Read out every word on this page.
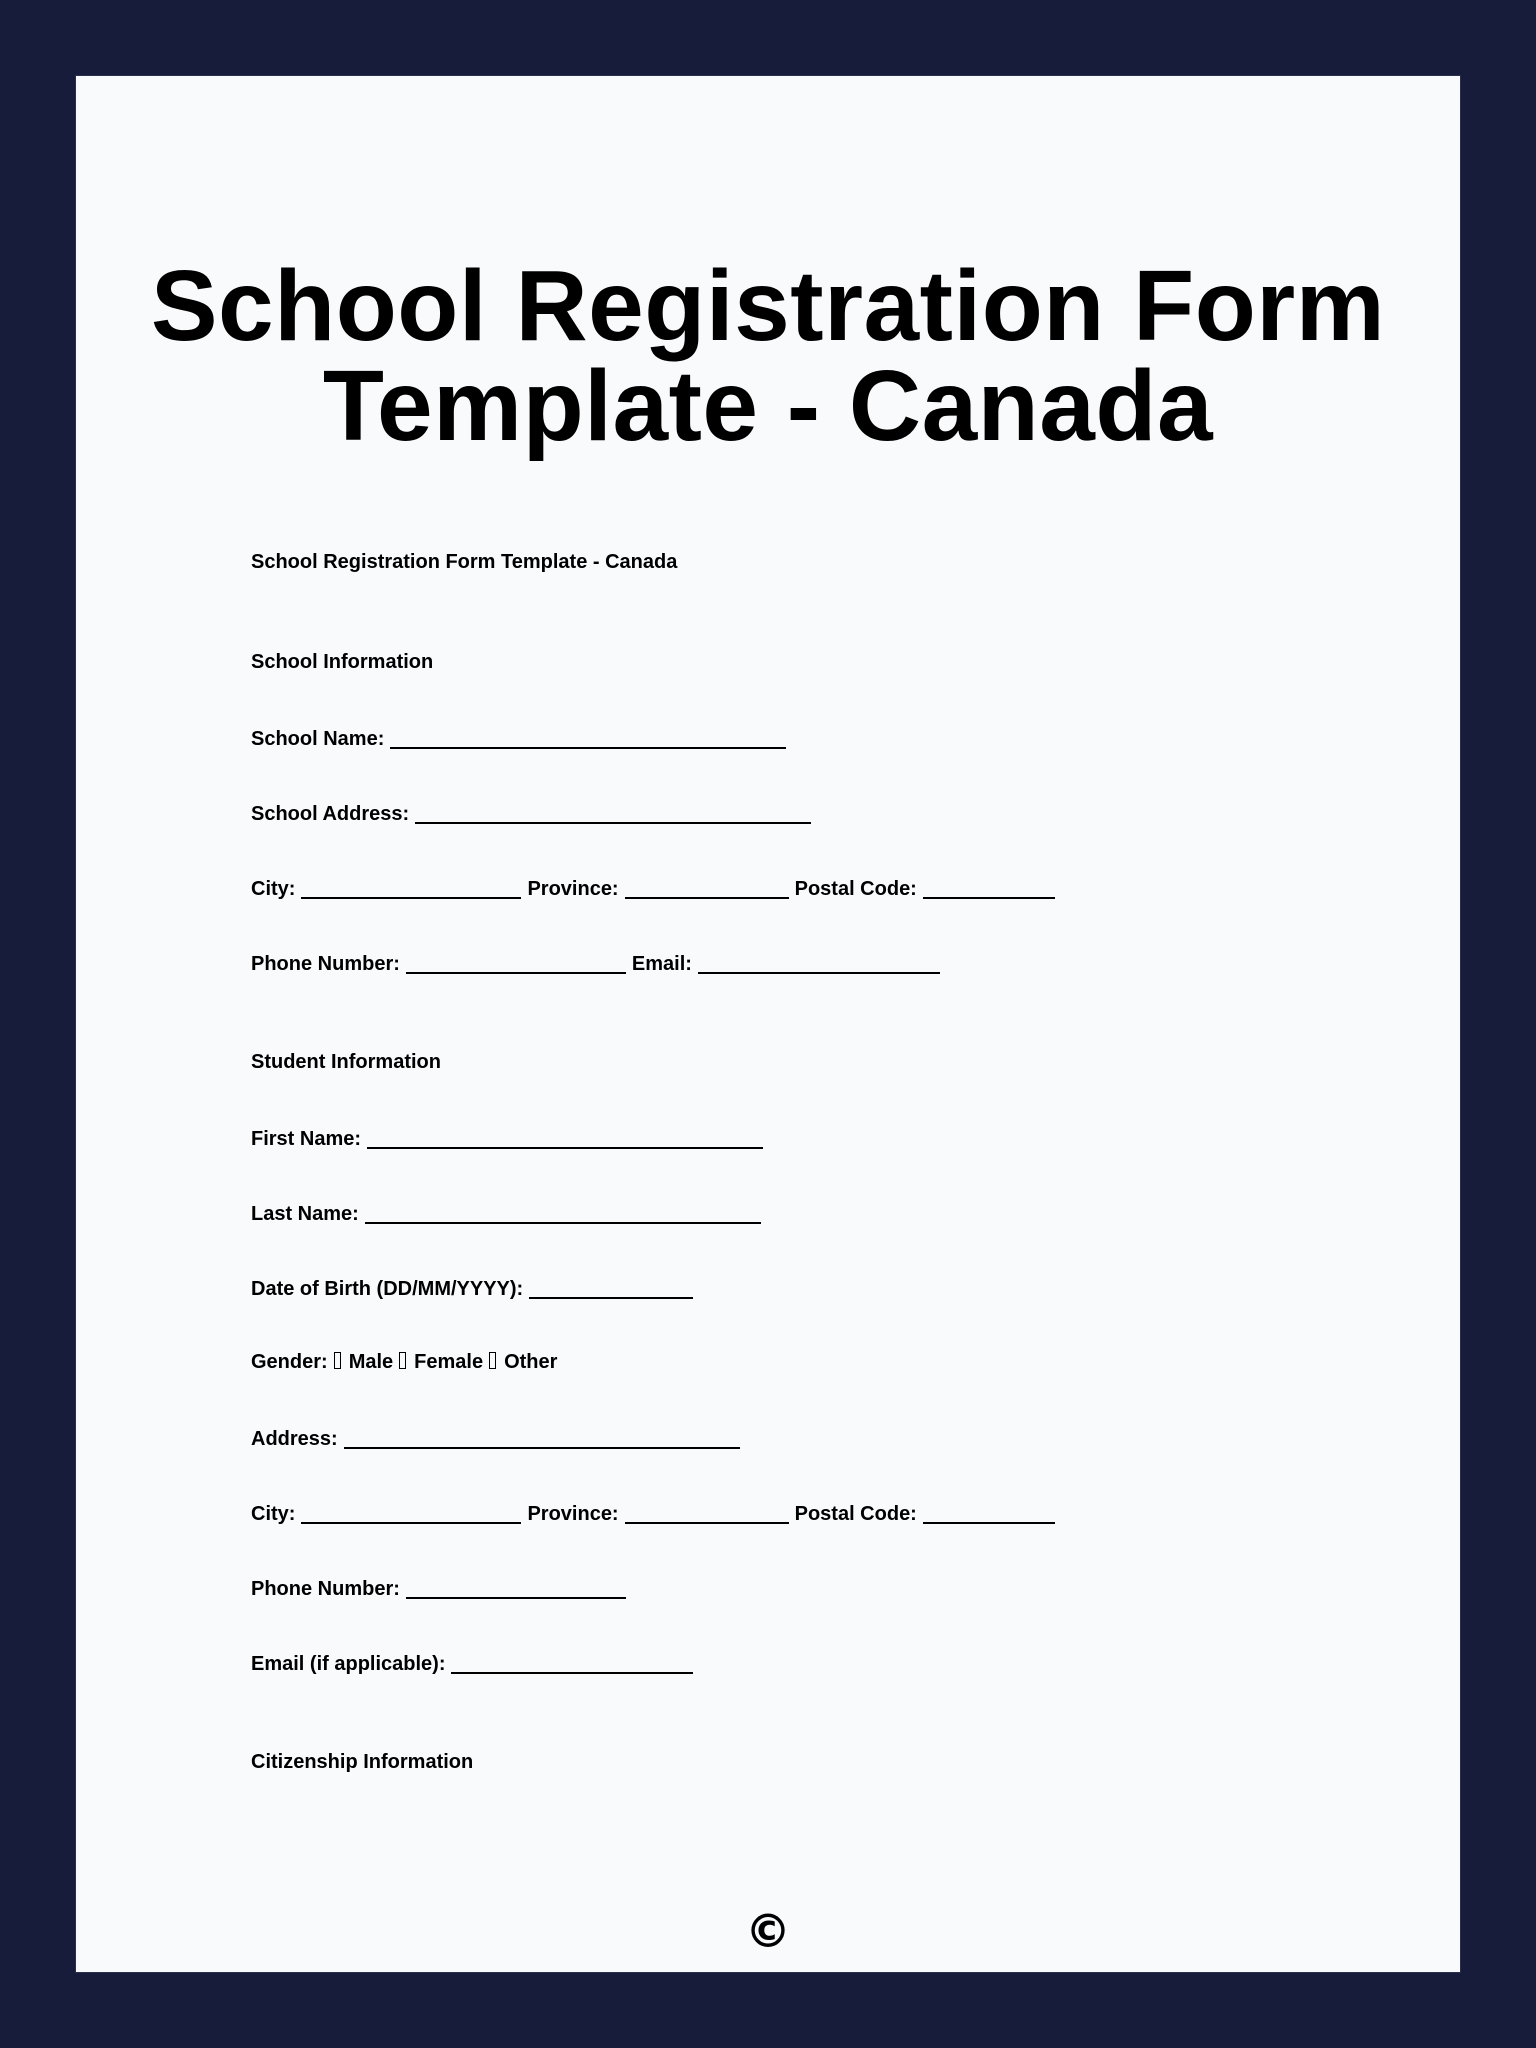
School Registration Form
Template - Canada
School Registration Form Template - Canada
School Information
School Name:
School Address:
City:	Province:	Postal Code:
Phone Number:	Email:
Student Information
First Name:
Last Name:
Date of Birth (DD/MM/YYYY):
Gender: Male Female Other
Address:
City:	Province:	Postal Code:
Phone Number:
Email (if applicable):
Citizenship Information
©
